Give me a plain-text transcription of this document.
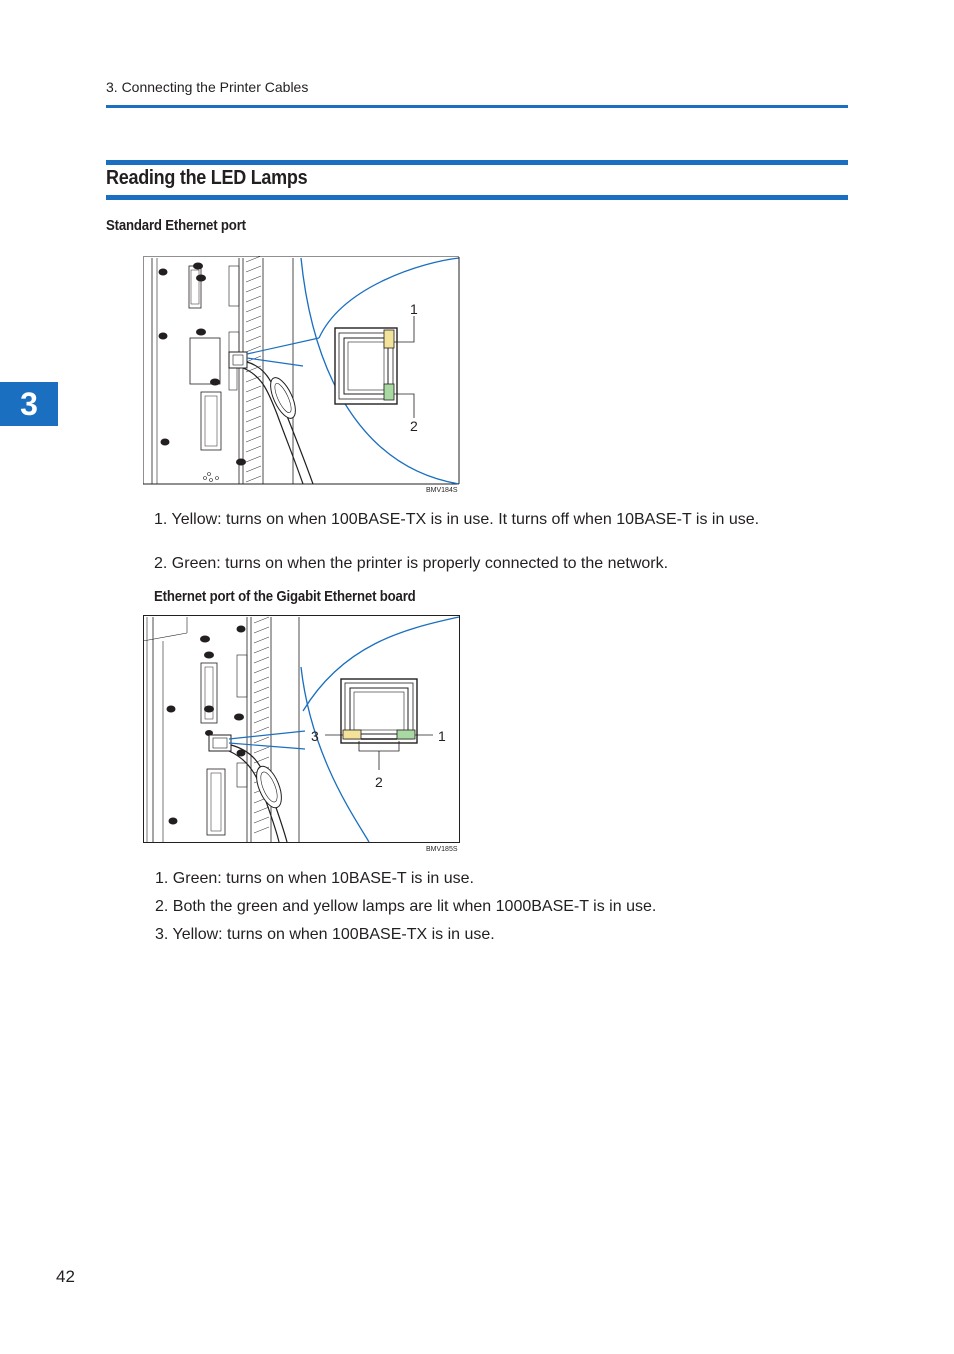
3. Connecting the Printer Cables
Reading the LED Lamps
3
Standard Ethernet port
1
2
BMV184S
1. Yellow: turns on when 100BASE-TX is in use. It turns off when 10BASE-T is in use.
2. Green: turns on when the printer is properly connected to the network.
Ethernet port of the Gigabit Ethernet board
3	1
2
BMV185S
1. Green: turns on when 10BASE-T is in use.
2. Both the green and yellow lamps are lit when 1000BASE-T is in use.
3. Yellow: turns on when 100BASE-TX is in use.
42
